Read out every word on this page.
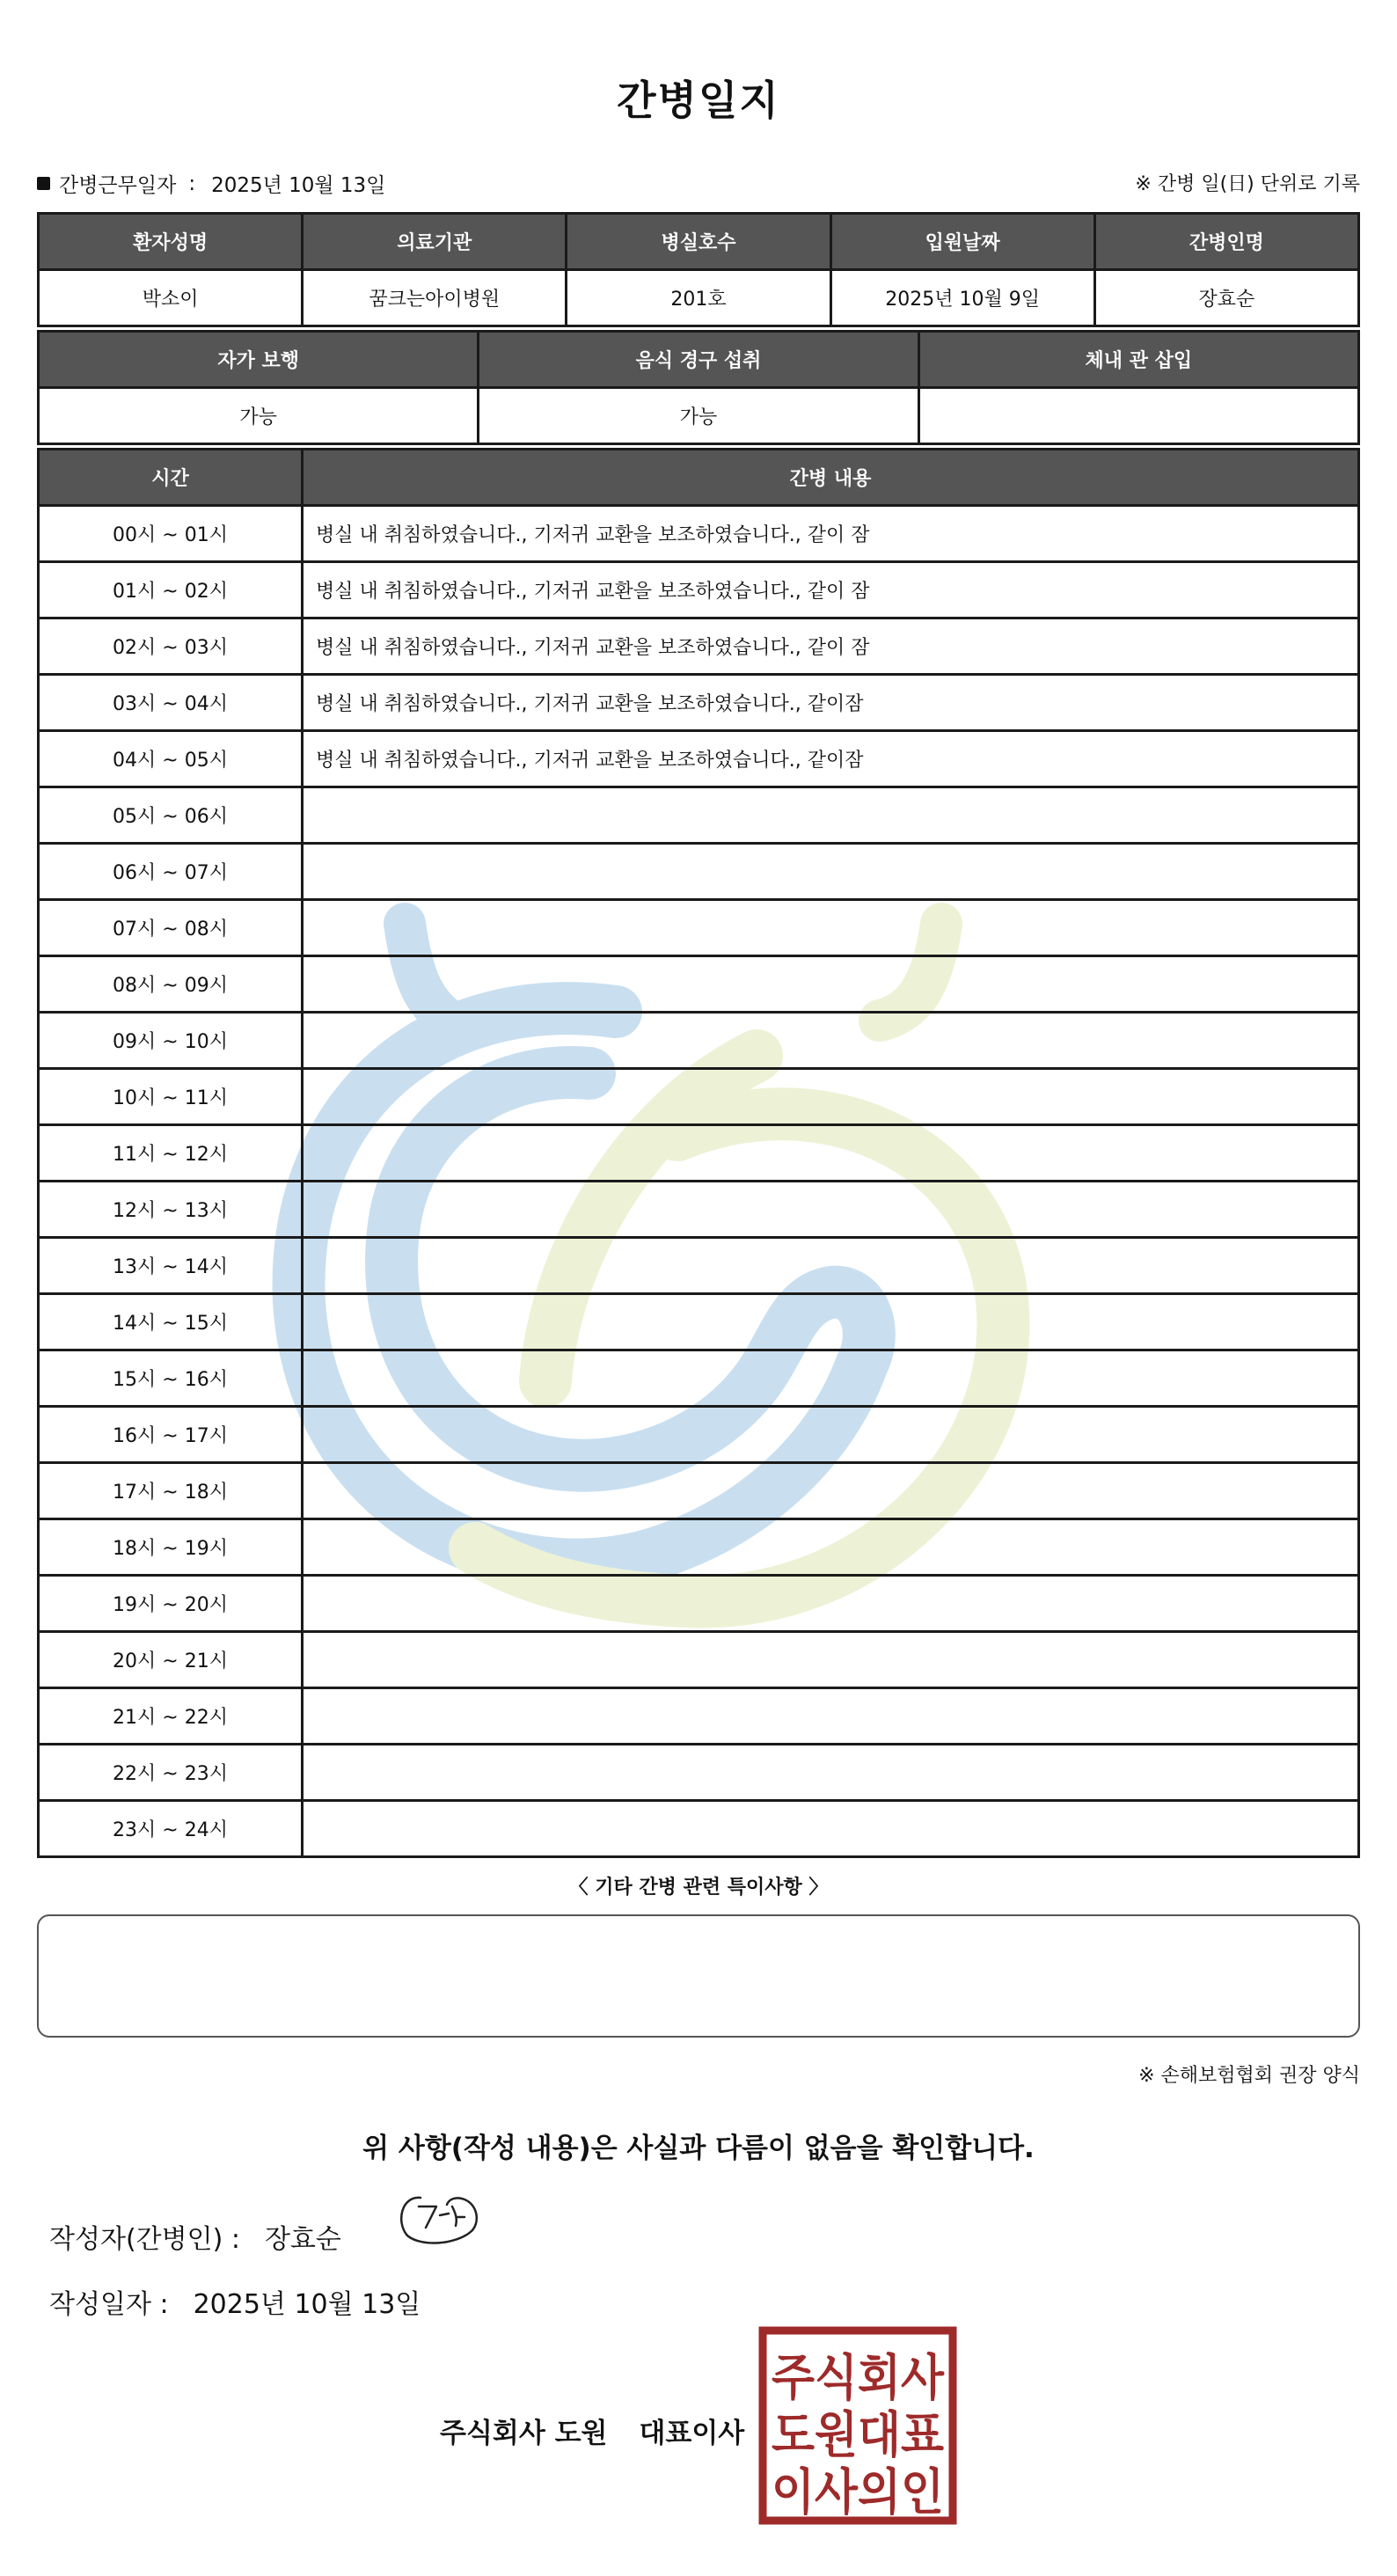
간병일지
간병근무일자 : 2025년 10월 13일	※ 간병 일(日) 단위로 기록
환자성명	의료기관	병실호수	입원날짜	간병인명
박소이	꿈크는아이병원	201호	2025년 10월 9일	장효순
자가 보행	음식 경구 섭취	체내 관 삽입
가능	가능	
시간	간병 내용
00시 ~ 01시	병실 내 취침하였습니다., 기저귀 교환을 보조하였습니다., 같이 잠
01시 ~ 02시	병실 내 취침하였습니다., 기저귀 교환을 보조하였습니다., 같이 잠
02시 ~ 03시	병실 내 취침하였습니다., 기저귀 교환을 보조하였습니다., 같이 잠
03시 ~ 04시	병실 내 취침하였습니다., 기저귀 교환을 보조하였습니다., 같이잠
04시 ~ 05시	병실 내 취침하였습니다., 기저귀 교환을 보조하였습니다., 같이잠
05시 ~ 06시	
06시 ~ 07시	
07시 ~ 08시	
08시 ~ 09시	
09시 ~ 10시	
10시 ~ 11시	
11시 ~ 12시	
12시 ~ 13시	
13시 ~ 14시	
14시 ~ 15시	
15시 ~ 16시	
16시 ~ 17시	
17시 ~ 18시	
18시 ~ 19시	
19시 ~ 20시	
20시 ~ 21시	
21시 ~ 22시	
22시 ~ 23시	
23시 ~ 24시	
〈 기타 간병 관련 특이사항 〉
※ 손해보험협회 권장 양식
위 사항(작성 내용)은 사실과 다름이 없음을 확인합니다.
작성자(간병인) : 장효순
작성일자 : 2025년 10월 13일
주식회사 도원 대표이사
주식회사
도원대표
이사의인
